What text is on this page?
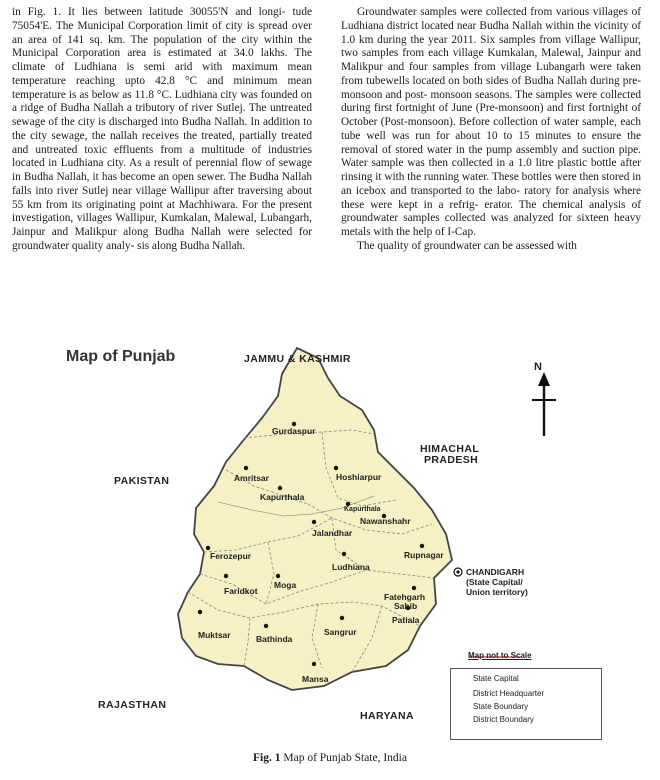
in Fig. 1. It lies between latitude 30055'N and longi- tude 75054'E. The Municipal Corporation limit of city is spread over an area of 141 sq. km. The population of the city within the Municipal Corporation area is estimated at 34.0 lakhs. The climate of Ludhiana is semi arid with maximum mean temperature reaching upto 42.8 °C and minimum mean temperature is as below as 11.8 °C. Ludhiana city was founded on a ridge of Budha Nallah a tributory of river Sutlej. The untreated sewage of the city is discharged into Budha Nallah. In addition to the city sewage, the nallah receives the treated, partially treated and untreated toxic effluents from a multitude of industries located in Ludhiana city. As a result of perennial flow of sewage in Budha Nallah, it has become an open sewer. The Budha Nallah falls into river Sutlej near village Wallipur after traversing about 55 km from its originating point at Machhiwara. For the present investigation, villages Wallipur, Kumkalan, Malewal, Lubangarh, Jainpur and Malikpur along Budha Nallah were selected for groundwater quality analy- sis along Budha Nallah.

Groundwater samples were collected from various villages of Ludhiana district located near Budha Nallah within the vicinity of 1.0 km during the year 2011. Six samples from village Wallipur, two samples from each village Kumkalan, Malewal, Jainpur and Malikpur and four samples from village Lubangarh were taken from tubewells located on both sides of Budha Nallah during pre-monsoon and post- monsoon seasons. The samples were collected during first fortnight of June (Pre-monsoon) and first fortnight of October (Post-monsoon). Before collection of water sample, each tube well was run for about 10 to 15 minutes to ensure the removal of stored water in the pump assembly and suction pipe. Water sample was then collected in a 1.0 litre plastic bottle after rinsing it with the running water. These bottles were then stored in an icebox and transported to the labo- ratory for analysis where these were kept in a refrig- erator. The chemical analysis of groundwater samples collected was analyzed for sixteen heavy metals with the help of I-Cap.

The quality of groundwater can be assessed with

Map of Punjab
N
JAMMU & KASHMIR
HIMACHAL
PRADESH
PAKISTAN
RAJASTHAN
HARYANA
Gurdaspur
Amritsar	Hoshiarpur
Kapurthala
Kapurthala
Nawanshahr
Jalandhar
Rupnagar
Ferozepur
Ludhiana
Moga
Faridkot
Fatehgarh
Sahib
Patiala
Muktsar	Bathinda
Sangrur
Mansa
CHANDIGARH
(State Capital/
Union territory)
Map not to Scale
State Capital
District Headquarter
State Boundary
District Boundary
Fig. 1 Map of Punjab State, India
